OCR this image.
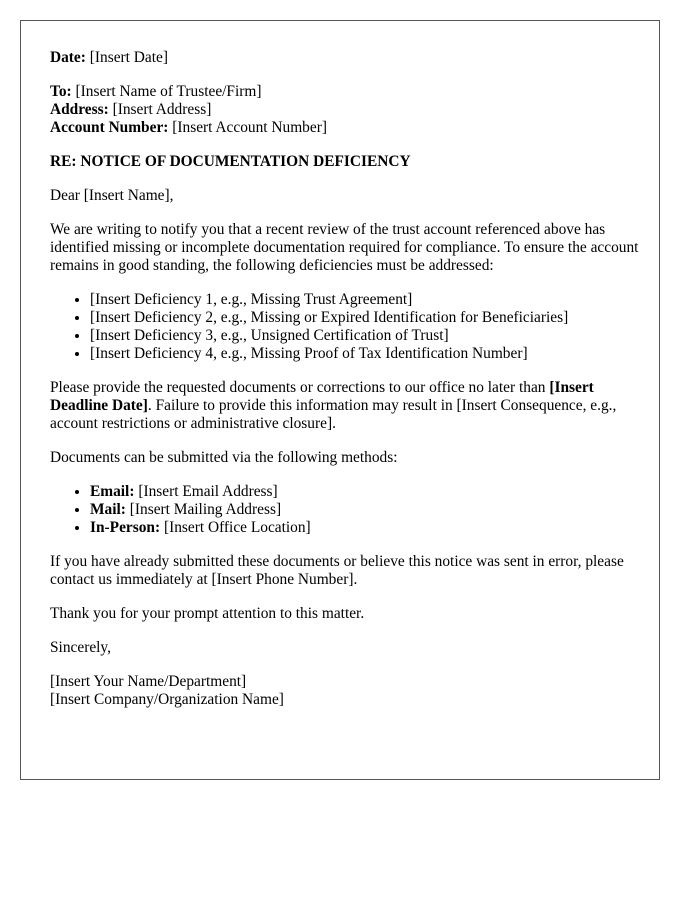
Date: [Insert Date]
To: [Insert Name of Trustee/Firm]
Address: [Insert Address]
Account Number: [Insert Account Number]

RE: NOTICE OF DOCUMENTATION DEFICIENCY

Dear [Insert Name],

We are writing to notify you that a recent review of the trust account referenced above has identified missing or incomplete documentation required for compliance. To ensure the account remains in good standing, the following deficiencies must be addressed:

• [Insert Deficiency 1, e.g., Missing Trust Agreement]
• [Insert Deficiency 2, e.g., Missing or Expired Identification for Beneficiaries]
• [Insert Deficiency 3, e.g., Unsigned Certification of Trust]
• [Insert Deficiency 4, e.g., Missing Proof of Tax Identification Number]

Please provide the requested documents or corrections to our office no later than [Insert Deadline Date]. Failure to provide this information may result in [Insert Consequence, e.g., account restrictions or administrative closure].

Documents can be submitted via the following methods:

• Email: [Insert Email Address]
• Mail: [Insert Mailing Address]
• In-Person: [Insert Office Location]

If you have already submitted these documents or believe this notice was sent in error, please contact us immediately at [Insert Phone Number].

Thank you for your prompt attention to this matter.

Sincerely,

[Insert Your Name/Department]
[Insert Company/Organization Name]
